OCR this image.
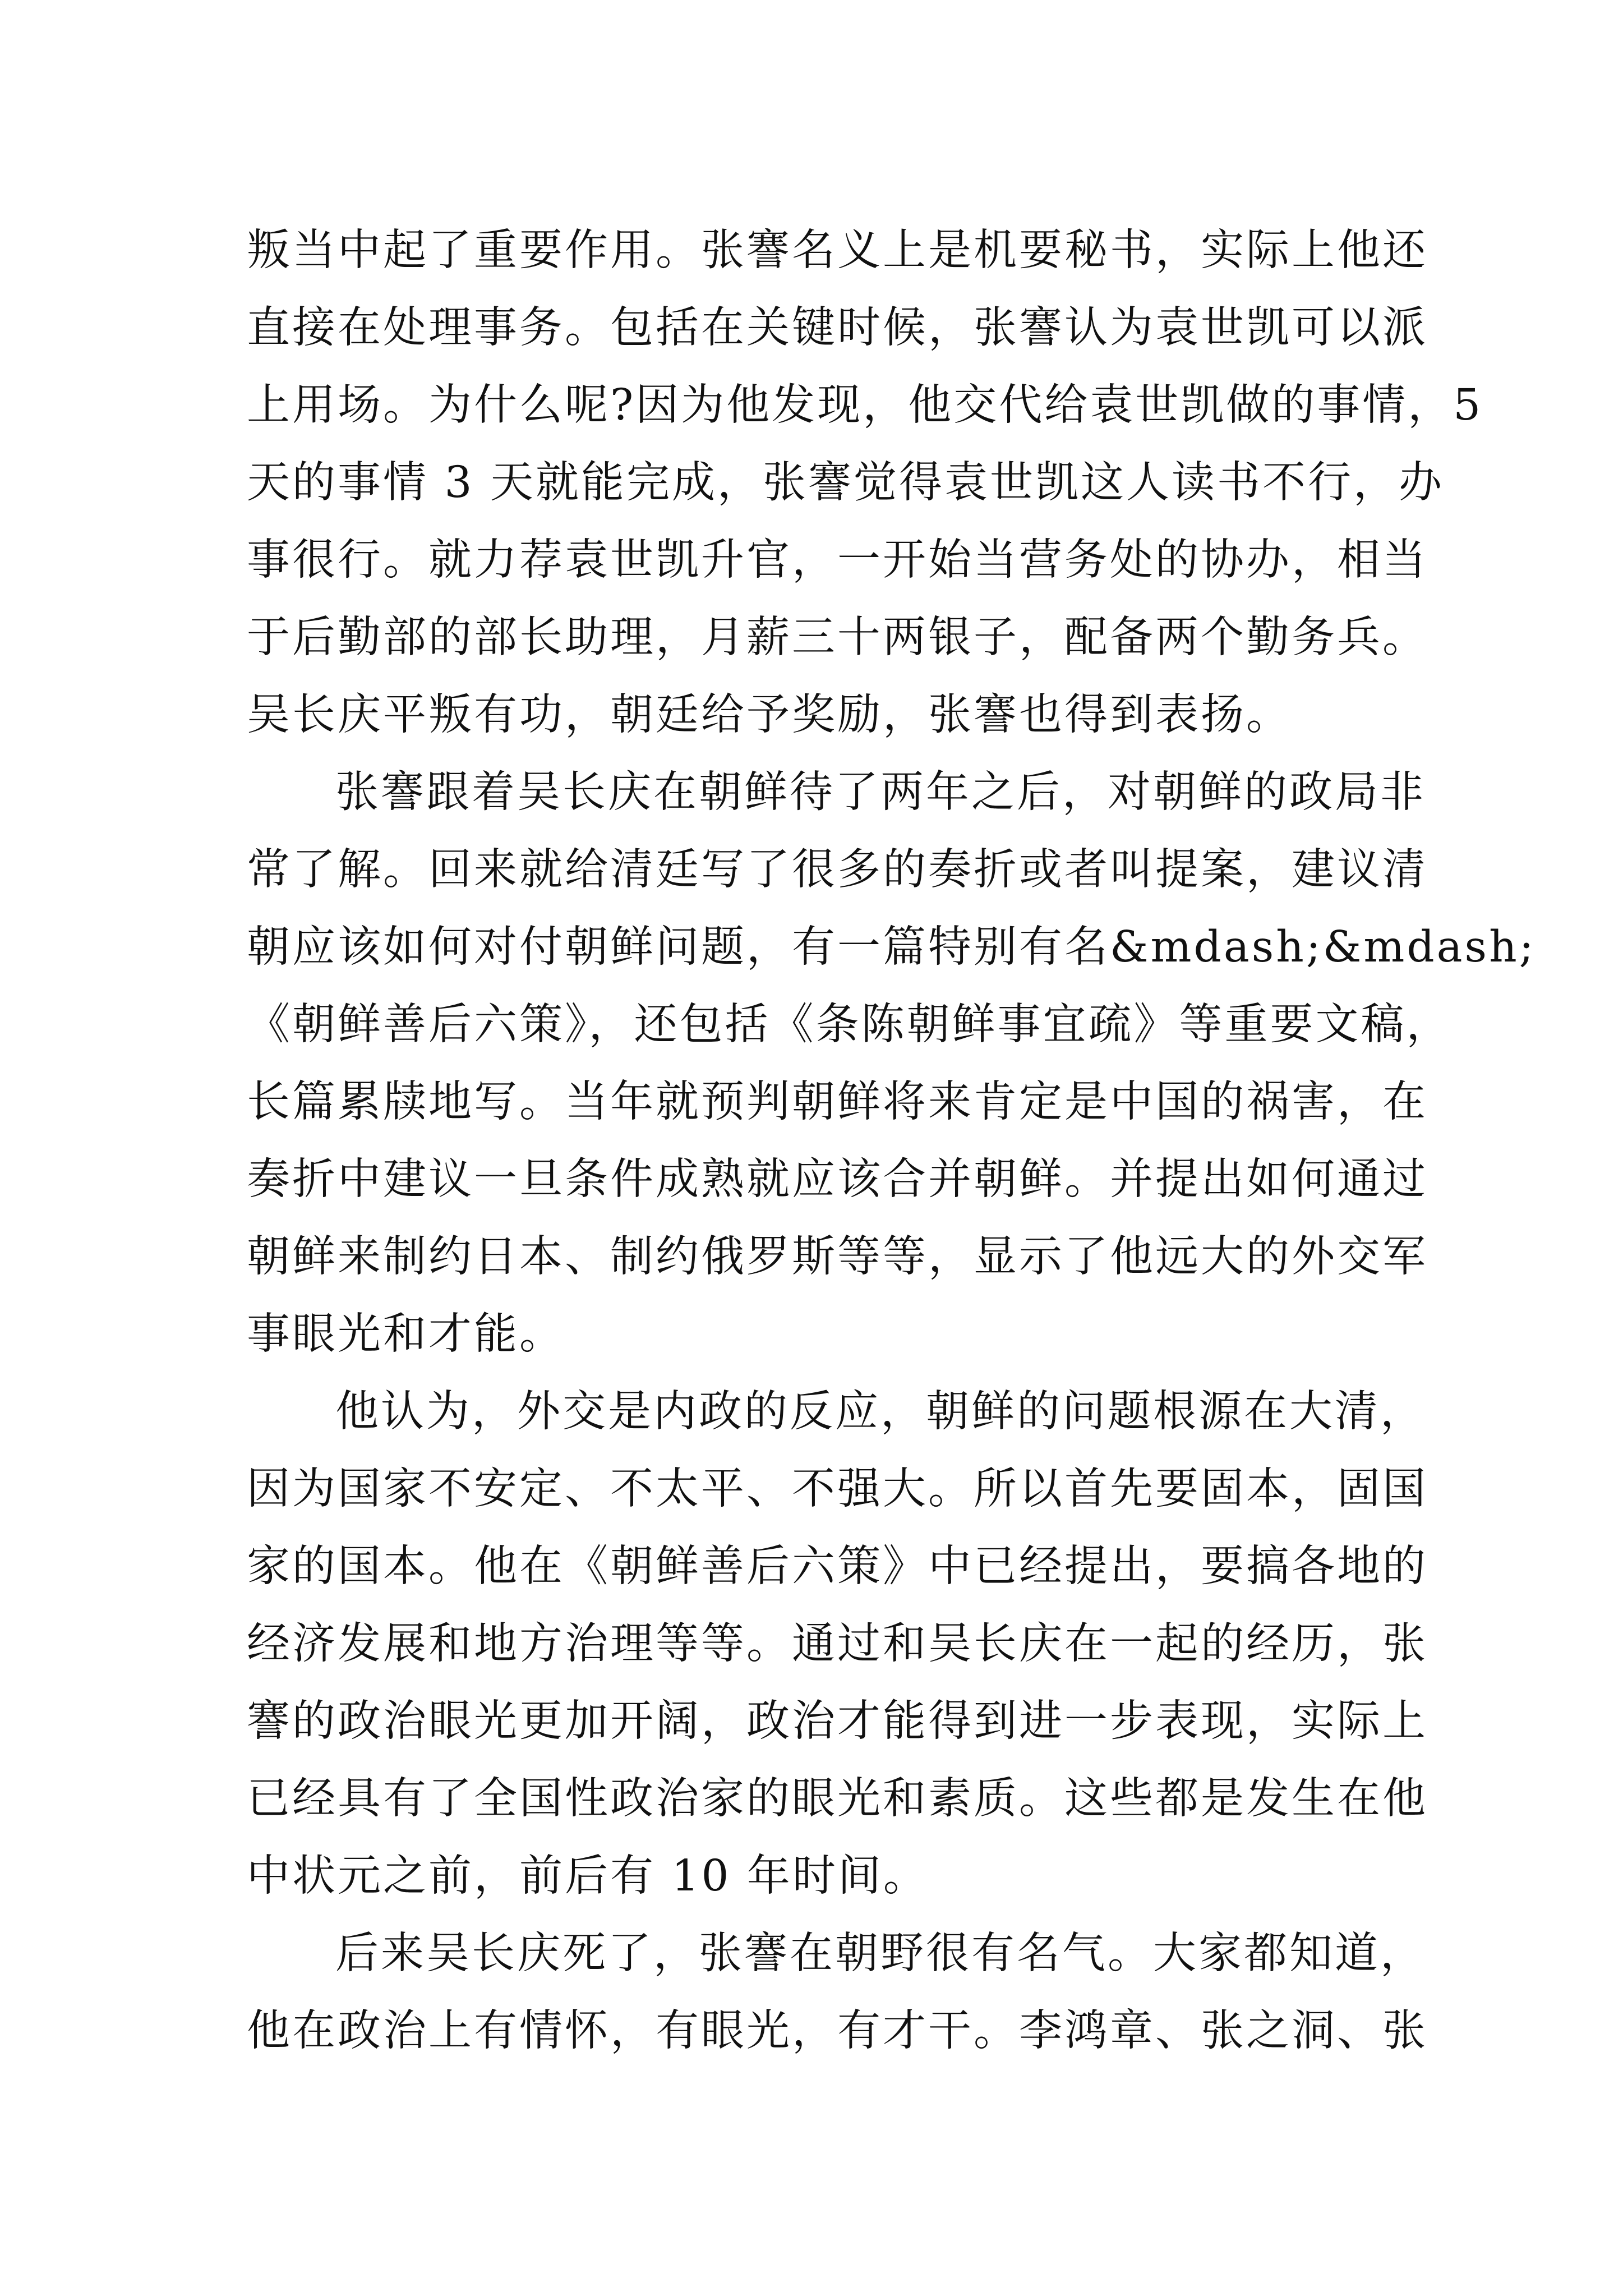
叛当中起了重要作用。张謇名义上是机要秘书，实际上他还
直接在处理事务。包括在关键时候，张謇认为袁世凯可以派
上用场。为什么呢?因为他发现，他交代给袁世凯做的事情，5
天的事情 3 天就能完成，张謇觉得袁世凯这人读书不行，办
事很行。就力荐袁世凯升官，一开始当营务处的协办，相当
于后勤部的部长助理，月薪三十两银子，配备两个勤务兵。
吴长庆平叛有功，朝廷给予奖励，张謇也得到表扬。
张謇跟着吴长庆在朝鲜待了两年之后，对朝鲜的政局非
常了解。回来就给清廷写了很多的奏折或者叫提案，建议清
朝应该如何对付朝鲜问题，有一篇特别有名&mdash;&mdash;
《朝鲜善后六策》，还包括《条陈朝鲜事宜疏》等重要文稿，
长篇累牍地写。当年就预判朝鲜将来肯定是中国的祸害，在
奏折中建议一旦条件成熟就应该合并朝鲜。并提出如何通过
朝鲜来制约日本、制约俄罗斯等等，显示了他远大的外交军
事眼光和才能。
他认为，外交是内政的反应，朝鲜的问题根源在大清，
因为国家不安定、不太平、不强大。所以首先要固本，固国
家的国本。他在《朝鲜善后六策》中已经提出，要搞各地的
经济发展和地方治理等等。通过和吴长庆在一起的经历，张
謇的政治眼光更加开阔，政治才能得到进一步表现，实际上
已经具有了全国性政治家的眼光和素质。这些都是发生在他
中状元之前，前后有 10 年时间。
后来吴长庆死了，张謇在朝野很有名气。大家都知道，
他在政治上有情怀，有眼光，有才干。李鸿章、张之洞、张
